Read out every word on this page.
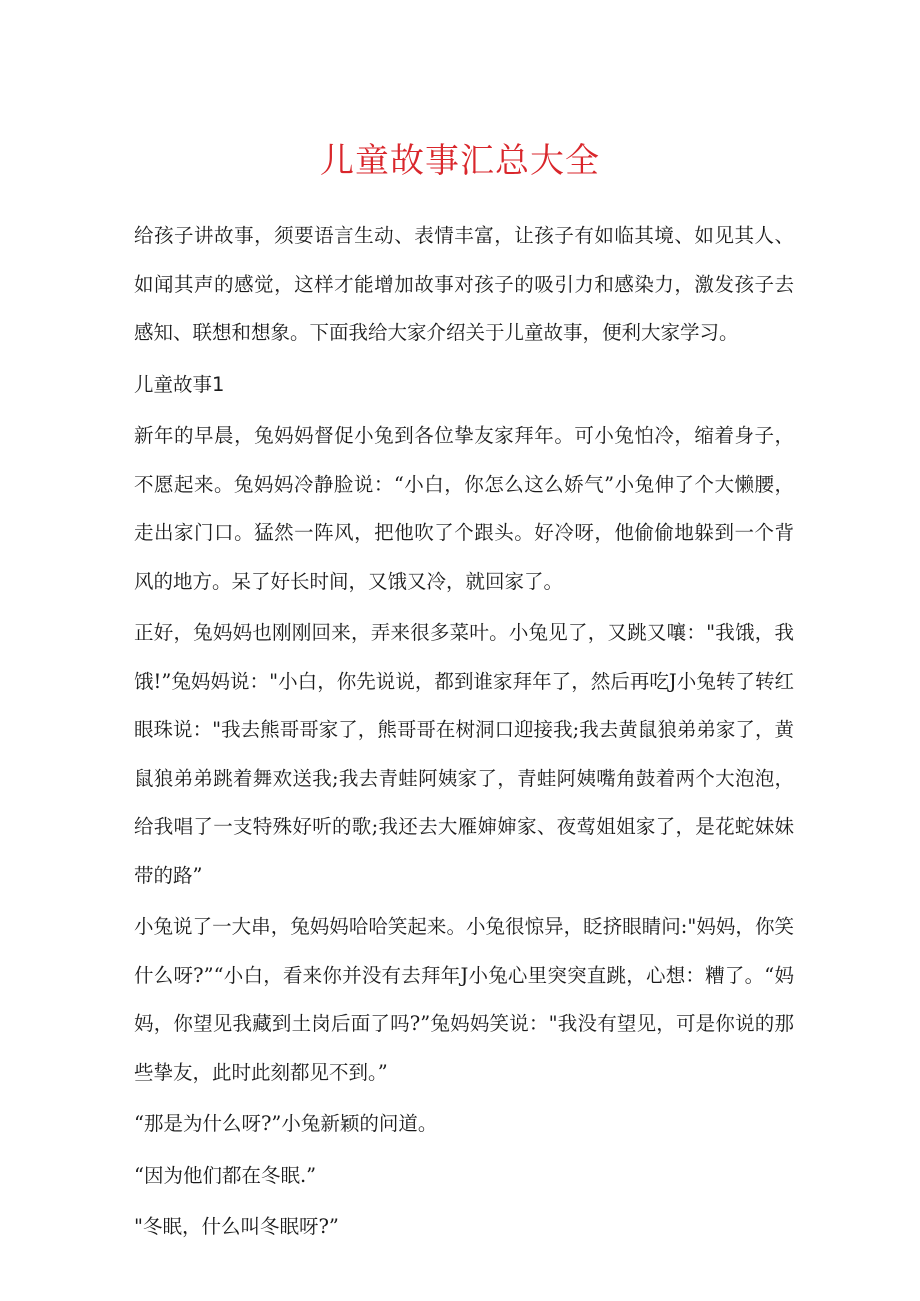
儿童故事汇总大全

给孩子讲故事，须要语言生动、表情丰富，让孩子有如临其境、如见其人、如闻其声的感觉，这样才能增加故事对孩子的吸引力和感染力，激发孩子去感知、联想和想象。下面我给大家介绍关于儿童故事，便利大家学习。

儿童故事1

新年的早晨，兔妈妈督促小兔到各位挚友家拜年。可小兔怕冷，缩着身子，不愿起来。兔妈妈冷静脸说：“小白，你怎么这么娇气”小兔伸了个大懒腰，走出家门口。猛然一阵风，把他吹了个跟头。好冷呀，他偷偷地躲到一个背风的地方。呆了好长时间，又饿又冷，就回家了。

正好，兔妈妈也刚刚回来，弄来很多菜叶。小兔见了，又跳又嚷："我饿，我饿!”兔妈妈说："小白，你先说说，都到谁家拜年了，然后再吃J小兔转了转红眼珠说："我去熊哥哥家了，熊哥哥在树洞口迎接我;我去黄鼠狼弟弟家了，黄鼠狼弟弟跳着舞欢送我;我去青蛙阿姨家了，青蛙阿姨嘴角鼓着两个大泡泡，给我唱了一支特殊好听的歌;我还去大雁婶婶家、夜莺姐姐家了，是花蛇妹妹带的路”

小兔说了一大串，兔妈妈哈哈笑起来。小兔很惊异，眨挤眼睛问:"妈妈，你笑什么呀?”“小白，看来你并没有去拜年J小兔心里突突直跳，心想：糟了。“妈妈，你望见我藏到土岗后面了吗?”兔妈妈笑说："我没有望见，可是你说的那些挚友，此时此刻都见不到。”

“那是为什么呀?”小兔新颖的问道。

“因为他们都在冬眠.”

"冬眠，什么叫冬眠呀?”
